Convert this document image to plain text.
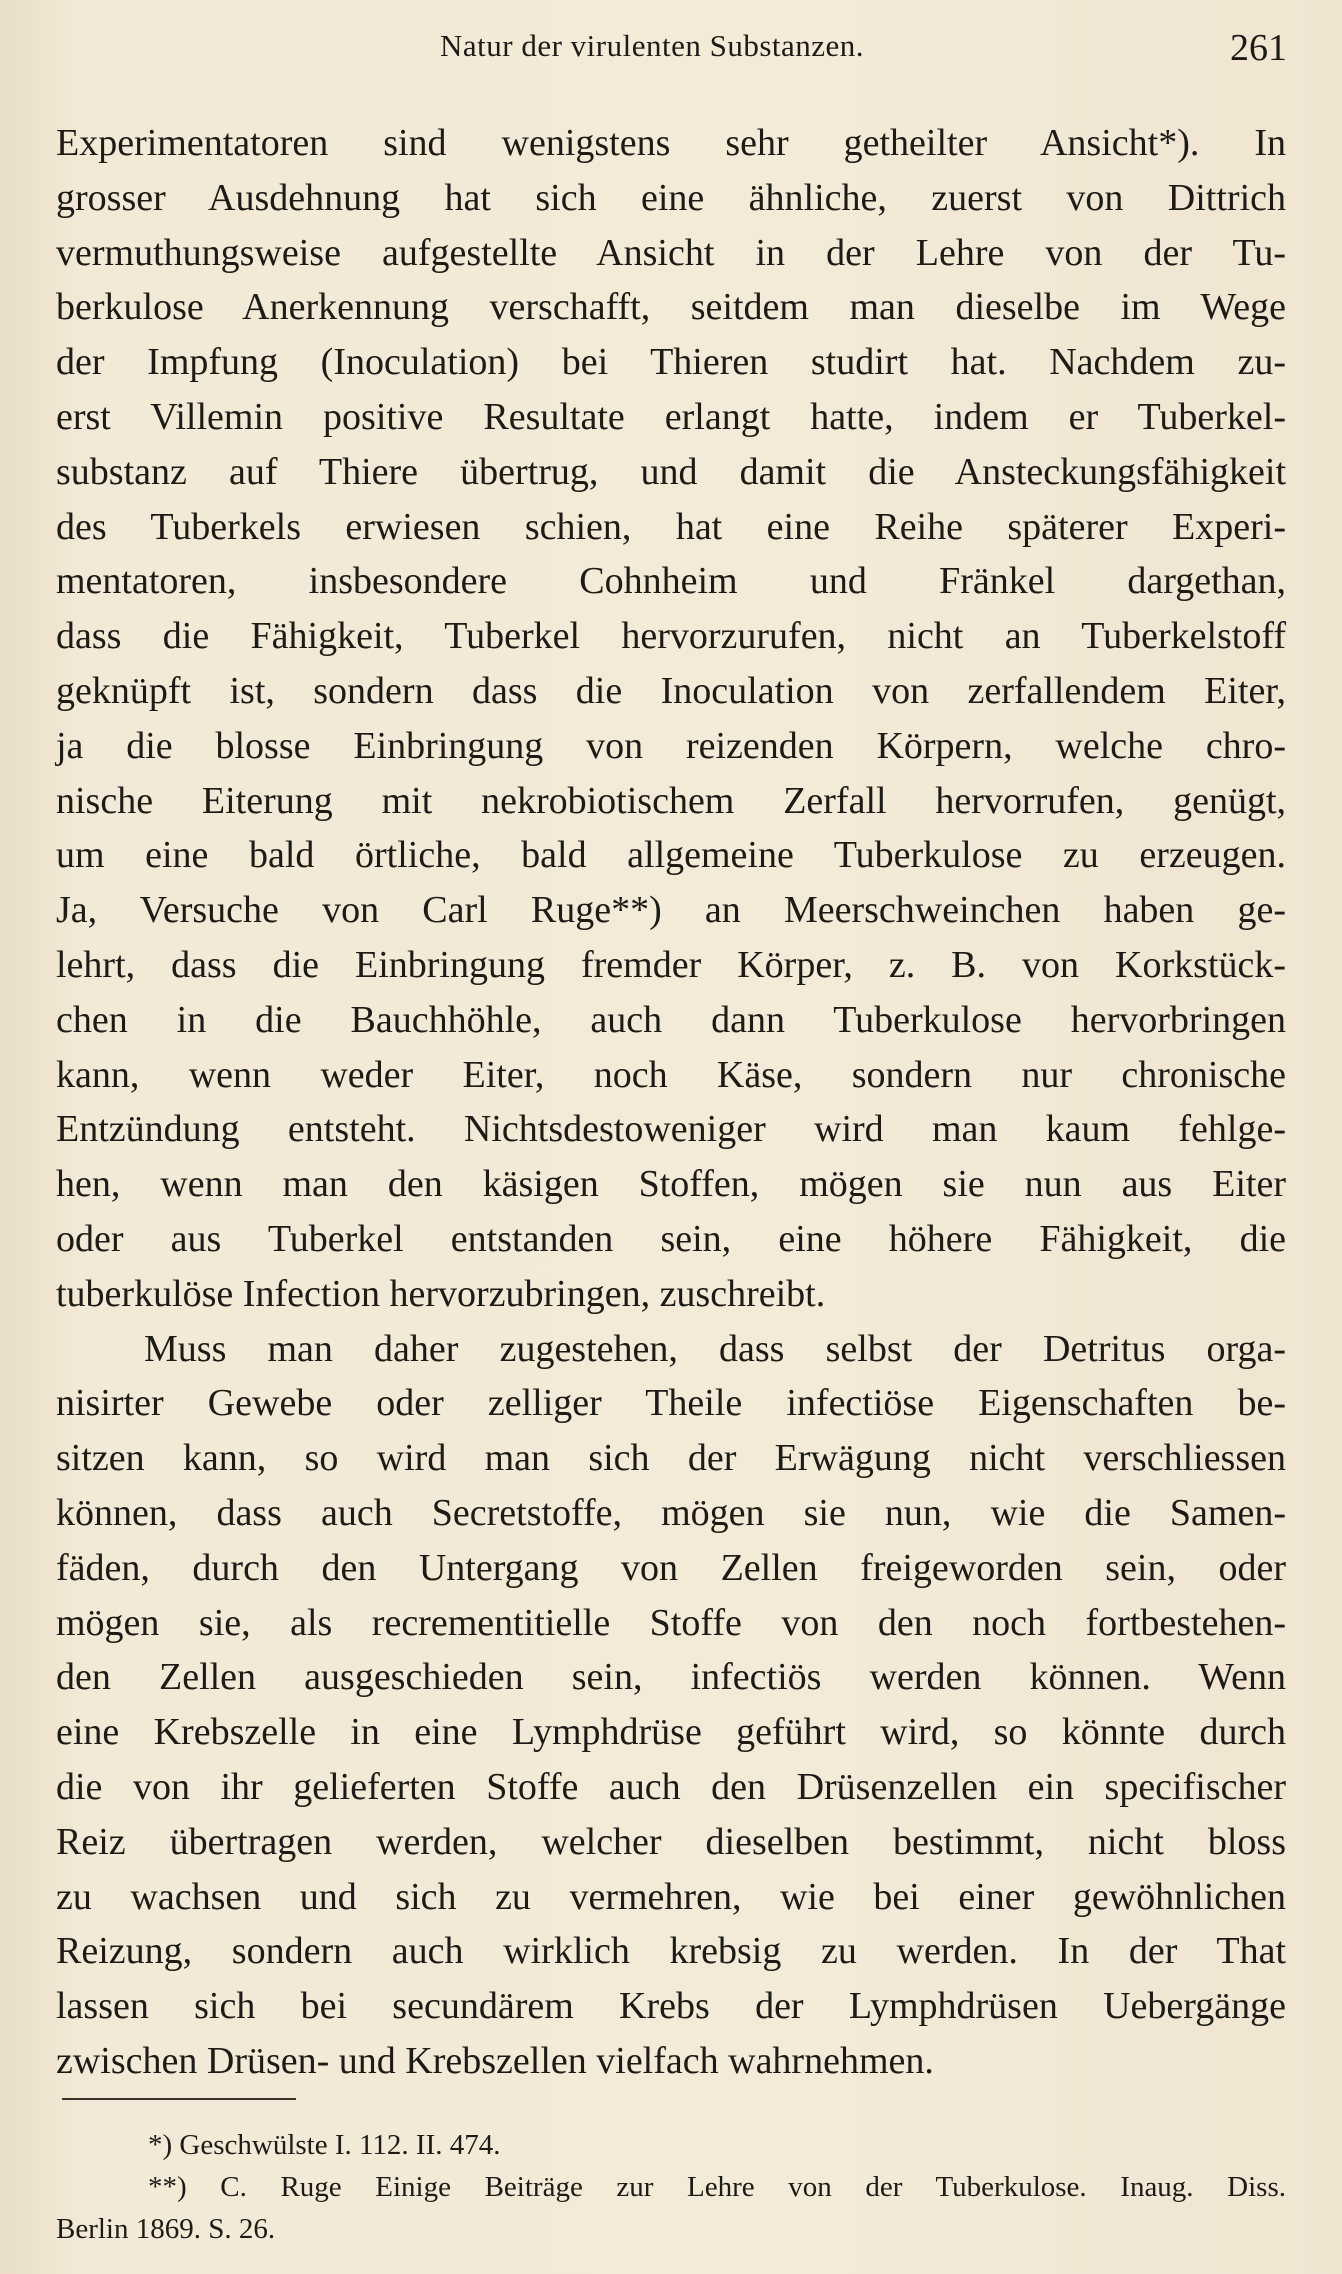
Natur der virulenten Substanzen.	261
Experimentatoren sind wenigstens sehr getheilter Ansicht*). In
grosser Ausdehnung hat sich eine ähnliche, zuerst von Dittrich
vermuthungsweise aufgestellte Ansicht in der Lehre von der Tu-
berkulose Anerkennung verschafft, seitdem man dieselbe im Wege
der Impfung (Inoculation) bei Thieren studirt hat. Nachdem zu-
erst Villemin positive Resultate erlangt hatte, indem er Tuberkel-
substanz auf Thiere übertrug, und damit die Ansteckungsfähigkeit
des Tuberkels erwiesen schien, hat eine Reihe späterer Experi-
mentatoren, insbesondere Cohnheim und Fränkel dargethan,
dass die Fähigkeit, Tuberkel hervorzurufen, nicht an Tuberkelstoff
geknüpft ist, sondern dass die Inoculation von zerfallendem Eiter,
ja die blosse Einbringung von reizenden Körpern, welche chro-
nische Eiterung mit nekrobiotischem Zerfall hervorrufen, genügt,
um eine bald örtliche, bald allgemeine Tuberkulose zu erzeugen.
Ja, Versuche von Carl Ruge**) an Meerschweinchen haben ge-
lehrt, dass die Einbringung fremder Körper, z. B. von Korkstück-
chen in die Bauchhöhle, auch dann Tuberkulose hervorbringen
kann, wenn weder Eiter, noch Käse, sondern nur chronische
Entzündung entsteht. Nichtsdestoweniger wird man kaum fehlge-
hen, wenn man den käsigen Stoffen, mögen sie nun aus Eiter
oder aus Tuberkel entstanden sein, eine höhere Fähigkeit, die
tuberkulöse Infection hervorzubringen, zuschreibt.
Muss man daher zugestehen, dass selbst der Detritus orga-
nisirter Gewebe oder zelliger Theile infectiöse Eigenschaften be-
sitzen kann, so wird man sich der Erwägung nicht verschliessen
können, dass auch Secretstoffe, mögen sie nun, wie die Samen-
fäden, durch den Untergang von Zellen freigeworden sein, oder
mögen sie, als recrementitielle Stoffe von den noch fortbestehen-
den Zellen ausgeschieden sein, infectiös werden können. Wenn
eine Krebszelle in eine Lymphdrüse geführt wird, so könnte durch
die von ihr gelieferten Stoffe auch den Drüsenzellen ein specifischer
Reiz übertragen werden, welcher dieselben bestimmt, nicht bloss
zu wachsen und sich zu vermehren, wie bei einer gewöhnlichen
Reizung, sondern auch wirklich krebsig zu werden. In der That
lassen sich bei secundärem Krebs der Lymphdrüsen Uebergänge
zwischen Drüsen- und Krebszellen vielfach wahrnehmen.
*) Geschwülste I. 112. II. 474.
**) C. Ruge Einige Beiträge zur Lehre von der Tuberkulose. Inaug. Diss.
Berlin 1869. S. 26.
